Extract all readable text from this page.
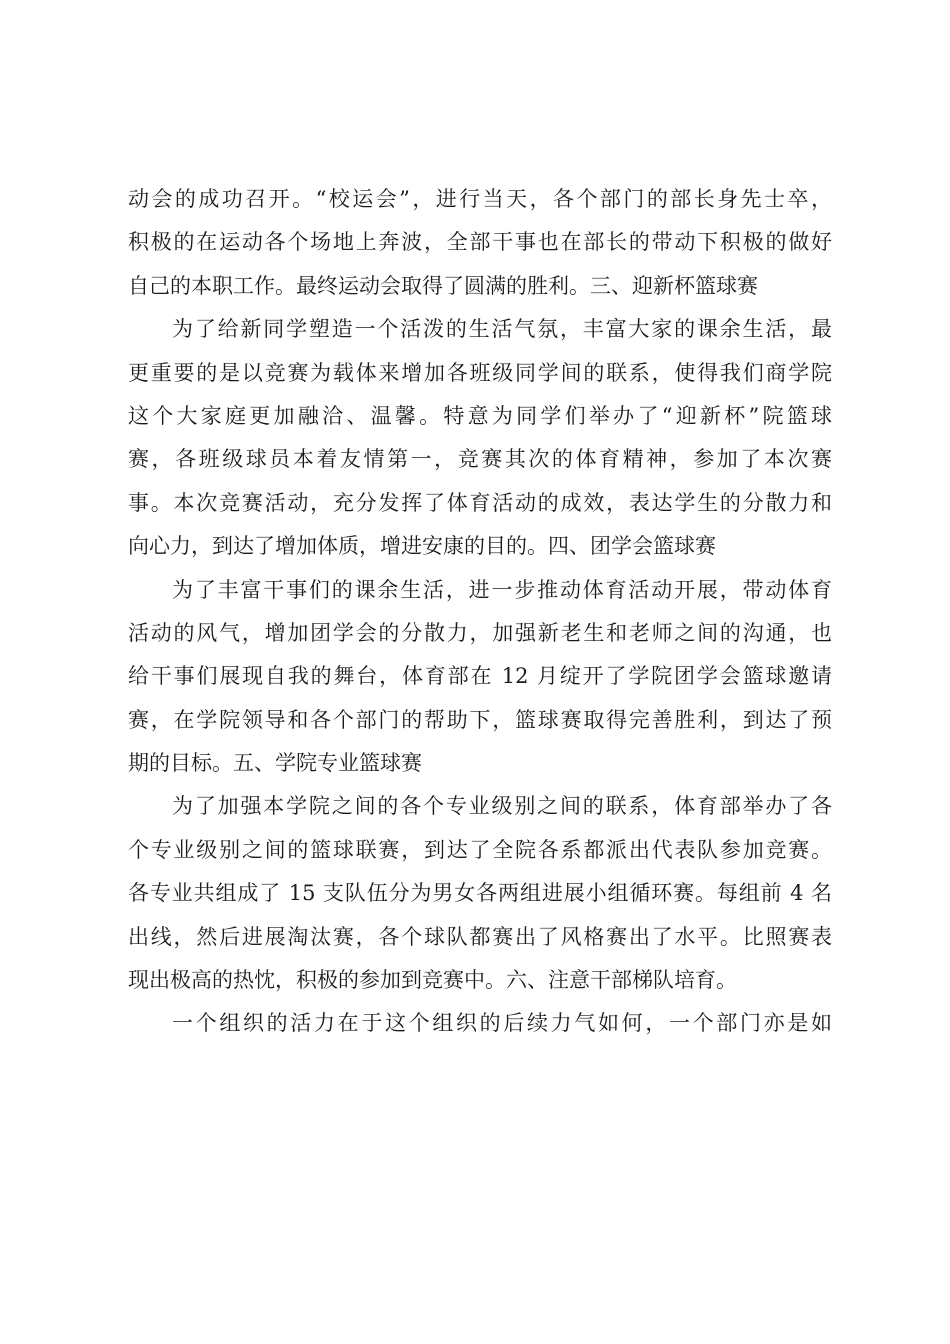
动会的成功召开。“校运会”，进行当天，各个部门的部长身先士卒，
积极的在运动各个场地上奔波，全部干事也在部长的带动下积极的做好
自己的本职工作。最终运动会取得了圆满的胜利。三、迎新杯篮球赛
为了给新同学塑造一个活泼的生活气氛，丰富大家的课余生活，最
更重要的是以竞赛为载体来增加各班级同学间的联系，使得我们商学院
这个大家庭更加融洽、温馨。特意为同学们举办了“迎新杯”院篮球
赛，各班级球员本着友情第一，竞赛其次的体育精神，参加了本次赛
事。本次竞赛活动，充分发挥了体育活动的成效，表达学生的分散力和
向心力，到达了增加体质，增进安康的目的。四、团学会篮球赛
为了丰富干事们的课余生活，进一步推动体育活动开展，带动体育
活动的风气，增加团学会的分散力，加强新老生和老师之间的沟通，也
给干事们展现自我的舞台，体育部在 12 月绽开了学院团学会篮球邀请
赛，在学院领导和各个部门的帮助下，篮球赛取得完善胜利，到达了预
期的目标。五、学院专业篮球赛
为了加强本学院之间的各个专业级别之间的联系，体育部举办了各
个专业级别之间的篮球联赛，到达了全院各系都派出代表队参加竞赛。
各专业共组成了 15 支队伍分为男女各两组进展小组循环赛。每组前 4 名
出线，然后进展淘汰赛，各个球队都赛出了风格赛出了水平。比照赛表
现出极高的热忱，积极的参加到竞赛中。六、注意干部梯队培育。
一个组织的活力在于这个组织的后续力气如何，一个部门亦是如
